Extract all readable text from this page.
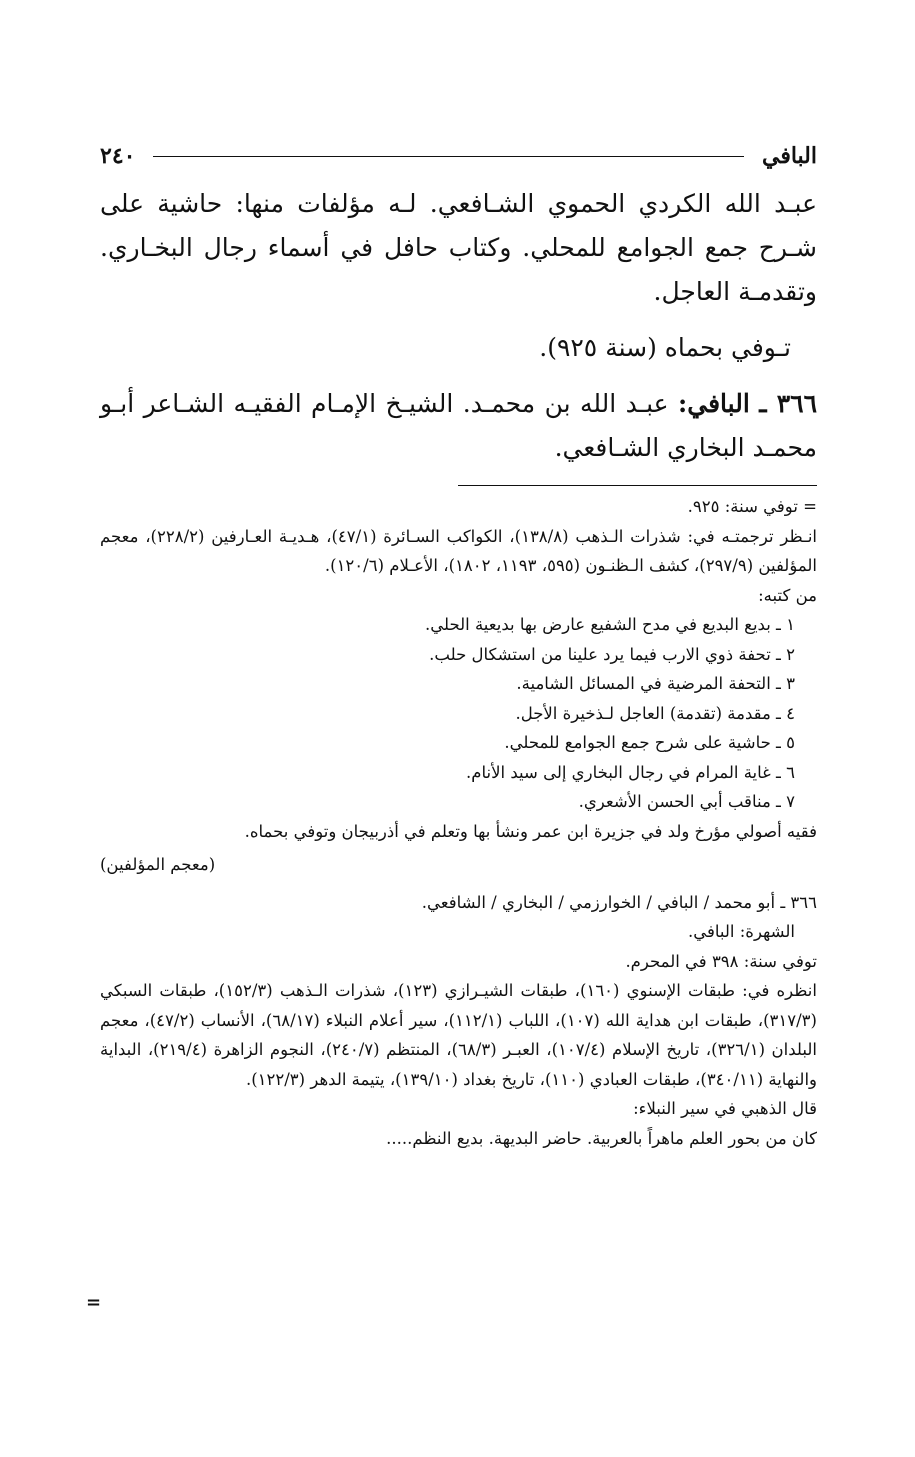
البافي
٢٤٠

عبـد الله الكردي الحموي الشـافعي. لـه مؤلفات منها: حاشية على شـرح جمع الجوامع للمحلي. وكتاب حافل في أسماء رجال البخـاري. وتقدمـة العاجل.

تـوفي بحماه (سنة ٩٢٥).

٣٦٦ ـ البافي: عبـد الله بن محمـد. الشيـخ الإمـام الفقيـه الشـاعر أبـو محمـد البخاري الشـافعي.

= توفي سنة: ٩٢٥.

انـظر ترجمتـه في: شذرات الـذهب (١٣٨/٨)، الكواكب السـائرة (٤٧/١)، هـديـة العـارفين (٢٢٨/٢)، معجم المؤلفين (٢٩٧/٩)، كشف الـظنـون (٥٩٥، ١١٩٣، ١٨٠٢)، الأعـلام (١٢٠/٦).

من كتبه:

١ ـ بديع البديع في مدح الشفيع عارض بها بديعية الحلي.

٢ ـ تحفة ذوي الارب فيما يرد علينا من استشكال حلب.

٣ ـ التحفة المرضية في المسائل الشامية.

٤ ـ مقدمة (تقدمة) العاجل لـذخيرة الأجل.

٥ ـ حاشية على شرح جمع الجوامع للمحلي.

٦ ـ غاية المرام في رجال البخاري إلى سيد الأنام.

٧ ـ مناقب أبي الحسن الأشعري.

فقيه أصولي مؤرخ ولد في جزيرة ابن عمر ونشأ بها وتعلم في أذربيجان وتوفي بحماه.

(معجم المؤلفين)

٣٦٦ ـ أبو محمد / البافي / الخوارزمي / البخاري / الشافعي.

الشهرة: البافي.

توفي سنة: ٣٩٨ في المحرم.

انظره في: طبقات الإسنوي (١٦٠)، طبقات الشيـرازي (١٢٣)، شذرات الـذهب (١٥٢/٣)، طبقات السبكي (٣١٧/٣)، طبقات ابن هداية الله (١٠٧)، اللباب (١١٢/١)، سير أعلام النبلاء (٦٨/١٧)، الأنساب (٤٧/٢)، معجم البلدان (٣٢٦/١)، تاريخ الإسلام (١٠٧/٤)، العبـر (٦٨/٣)، المنتظم (٢٤٠/٧)، النجوم الزاهرة (٢١٩/٤)، البداية والنهاية (٣٤٠/١١)، طبقات العبادي (١١٠)، تاريخ بغداد (١٣٩/١٠)، يتيمة الدهر (١٢٢/٣).

قال الذهبي في سير النبلاء:

كان من بحور العلم ماهراً بالعربية. حاضر البديهة. بديع النظم.....

=
